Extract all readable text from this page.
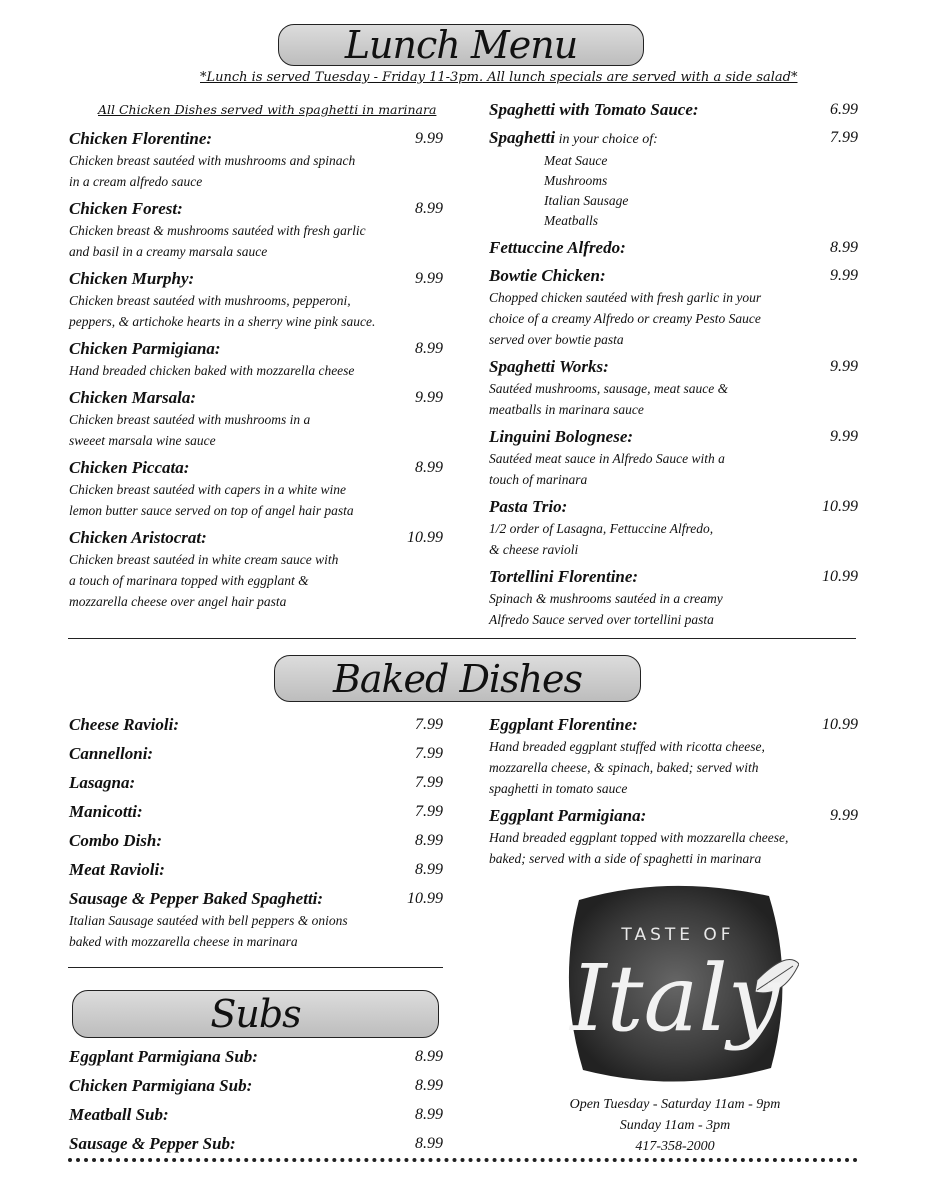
Lunch Menu
*Lunch is served Tuesday - Friday 11-3pm. All lunch specials are served with a side salad*
All Chicken Dishes served with spaghetti in marinara
Chicken Florentine:	9.99
Chicken breast sautéed with mushrooms and spinach
in a cream alfredo sauce
Chicken Forest:	8.99
Chicken breast & mushrooms sautéed with fresh garlic
and basil in a creamy marsala sauce
Chicken Murphy:	9.99
Chicken breast sautéed with mushrooms, pepperoni,
peppers, & artichoke hearts in a sherry wine pink sauce.
Chicken Parmigiana:	8.99
Hand breaded chicken baked with mozzarella cheese
Chicken Marsala:	9.99
Chicken breast sautéed with mushrooms in a
sweeet marsala wine sauce
Chicken Piccata:	8.99
Chicken breast sautéed with capers in a white wine
lemon butter sauce served on top of angel hair pasta
Chicken Aristocrat:	10.99
Chicken breast sautéed in white cream sauce with
a touch of marinara topped with eggplant &
mozzarella cheese over angel hair pasta
Spaghetti with Tomato Sauce:	6.99
Spaghetti in your choice of:	7.99
Meat Sauce
Mushrooms
Italian Sausage
Meatballs
Fettuccine Alfredo:	8.99
Bowtie Chicken:	9.99
Chopped chicken sautéed with fresh garlic in your
choice of a creamy Alfredo or creamy Pesto Sauce
served over bowtie pasta
Spaghetti Works:	9.99
Sautéed mushrooms, sausage, meat sauce &
meatballs in marinara sauce
Linguini Bolognese:	9.99
Sautéed meat sauce in Alfredo Sauce with a
touch of marinara
Pasta Trio:	10.99
1/2 order of Lasagna, Fettuccine Alfredo,
& cheese ravioli
Tortellini Florentine:	10.99
Spinach & mushrooms sautéed in a creamy
Alfredo Sauce served over tortellini pasta
Baked Dishes
Cheese Ravioli:	7.99
Cannelloni:	7.99
Lasagna:	7.99
Manicotti:	7.99
Combo Dish:	8.99
Meat Ravioli:	8.99
Sausage & Pepper Baked Spaghetti:	10.99
Italian Sausage sautéed with bell peppers & onions
baked with mozzarella cheese in marinara
Eggplant Florentine:	10.99
Hand breaded eggplant stuffed with ricotta cheese,
mozzarella cheese, & spinach, baked; served with
spaghetti in tomato sauce
Eggplant Parmigiana:	9.99
Hand breaded eggplant topped with mozzarella cheese,
baked; served with a side of spaghetti in marinara
Subs
Eggplant Parmigiana Sub:	8.99
Chicken Parmigiana Sub:	8.99
Meatball Sub:	8.99
Sausage & Pepper Sub:	8.99
TASTE OF
Italy
Open Tuesday - Saturday 11am - 9pm
Sunday 11am - 3pm
417-358-2000
